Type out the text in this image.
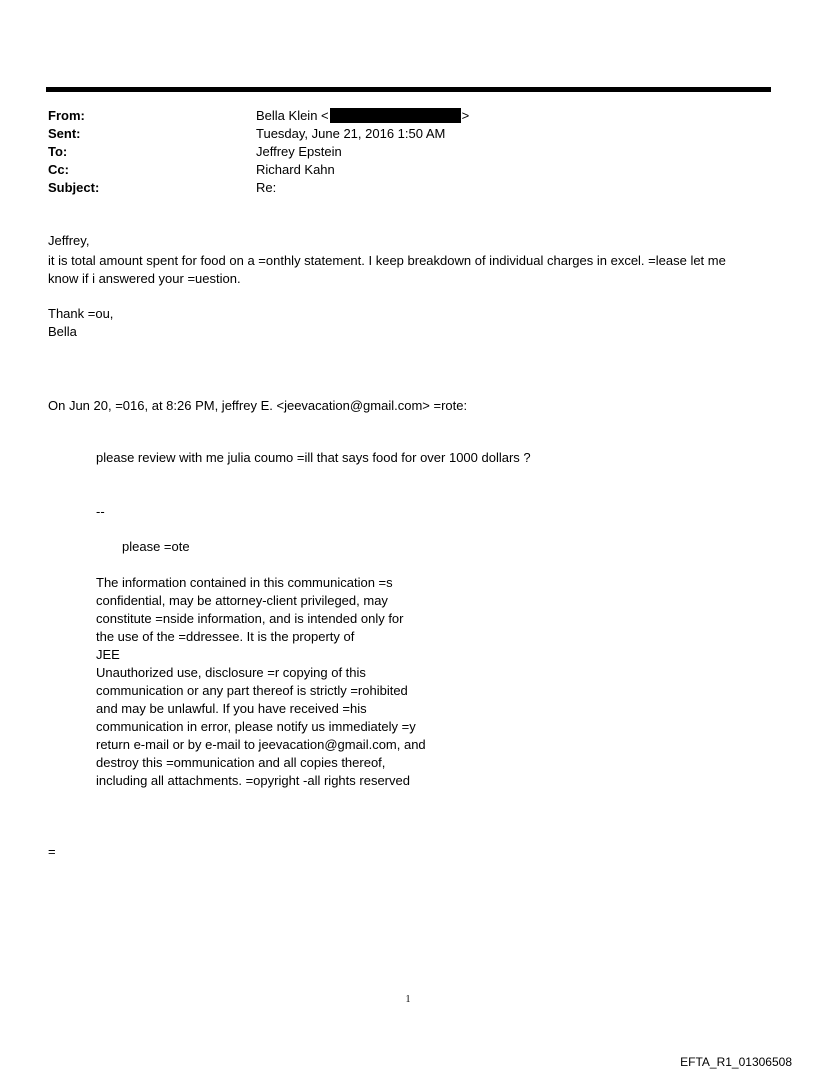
From:	Bella Klein <	>
Sent:	Tuesday, June 21, 2016 1:50 AM
To:	Jeffrey Epstein
Cc:	Richard Kahn
Subject:	Re:
Jeffrey,
it is total amount spent for food on a =onthly statement. I keep breakdown of individual charges in excel. =lease let me
know if i answered your =uestion.
Thank =ou,
Bella
On Jun 20, =016, at 8:26 PM, jeffrey E. <jeevacation@gmail.com> =rote:
please review with me julia coumo =ill that says food for over 1000 dollars ?
--
please =ote
The information contained in this communication =s
confidential, may be attorney-client privileged, may
constitute =nside information, and is intended only for
the use of the =ddressee. It is the property of
JEE
Unauthorized use, disclosure =r copying of this
communication or any part thereof is strictly =rohibited
and may be unlawful. If you have received =his
communication in error, please notify us immediately =y
return e-mail or by e-mail to jeevacation@gmail.com, and
destroy this =ommunication and all copies thereof,
including all attachments. =opyright -all rights reserved
=
1
EFTA_R1_01306508
